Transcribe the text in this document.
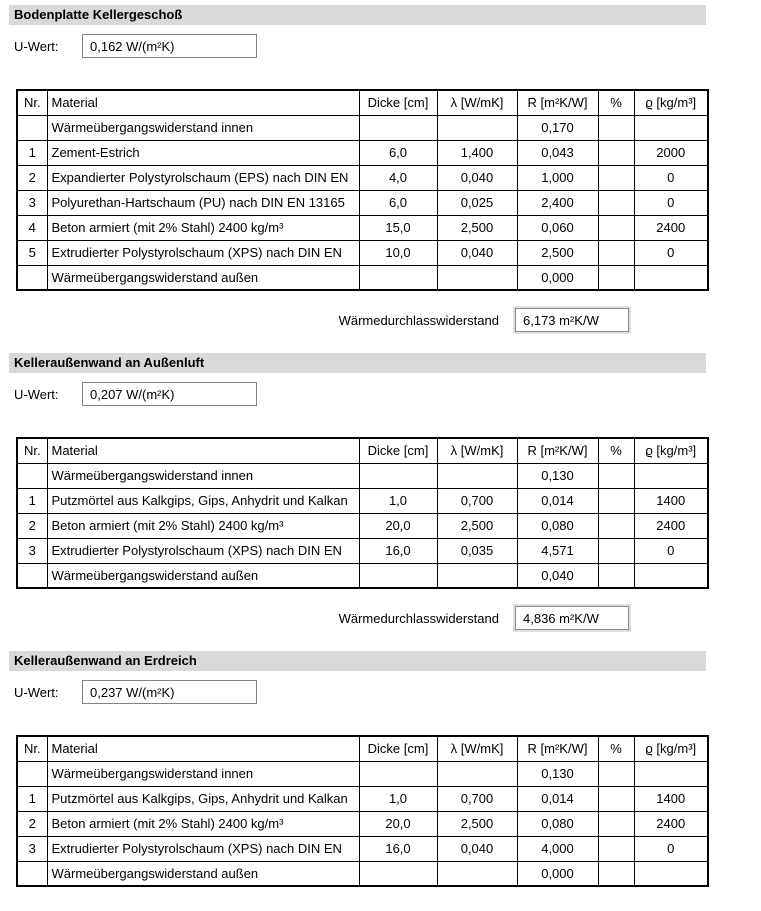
Bodenplatte Kellergeschoß
U-Wert:
0,162 W/(m²K)
Nr.	Material	Dicke [cm]	λ [W/mK]	R [m²K/W]	%	ϱ [kg/m³]
	Wärmeübergangswiderstand innen			0,170		
1	Zement-Estrich	6,0	1,400	0,043		2000
2	Expandierter Polystyrolschaum (EPS) nach DIN EN	4,0	0,040	1,000		0
3	Polyurethan-Hartschaum (PU) nach DIN EN 13165	6,0	0,025	2,400		0
4	Beton armiert (mit 2% Stahl) 2400 kg/m³	15,0	2,500	0,060		2400
5	Extrudierter Polystyrolschaum (XPS) nach DIN EN	10,0	0,040	2,500		0
	Wärmeübergangswiderstand außen			0,000		
Wärmedurchlasswiderstand
6,173 m²K/W
Kelleraußenwand an Außenluft
U-Wert:
0,207 W/(m²K)
Nr.	Material	Dicke [cm]	λ [W/mK]	R [m²K/W]	%	ϱ [kg/m³]
	Wärmeübergangswiderstand innen			0,130		
1	Putzmörtel aus Kalkgips, Gips, Anhydrit und Kalkan	1,0	0,700	0,014		1400
2	Beton armiert (mit 2% Stahl) 2400 kg/m³	20,0	2,500	0,080		2400
3	Extrudierter Polystyrolschaum (XPS) nach DIN EN	16,0	0,035	4,571		0
	Wärmeübergangswiderstand außen			0,040		
Wärmedurchlasswiderstand
4,836 m²K/W
Kelleraußenwand an Erdreich
U-Wert:
0,237 W/(m²K)
Nr.	Material	Dicke [cm]	λ [W/mK]	R [m²K/W]	%	ϱ [kg/m³]
	Wärmeübergangswiderstand innen			0,130		
1	Putzmörtel aus Kalkgips, Gips, Anhydrit und Kalkan	1,0	0,700	0,014		1400
2	Beton armiert (mit 2% Stahl) 2400 kg/m³	20,0	2,500	0,080		2400
3	Extrudierter Polystyrolschaum (XPS) nach DIN EN	16,0	0,040	4,000		0
	Wärmeübergangswiderstand außen			0,000		
